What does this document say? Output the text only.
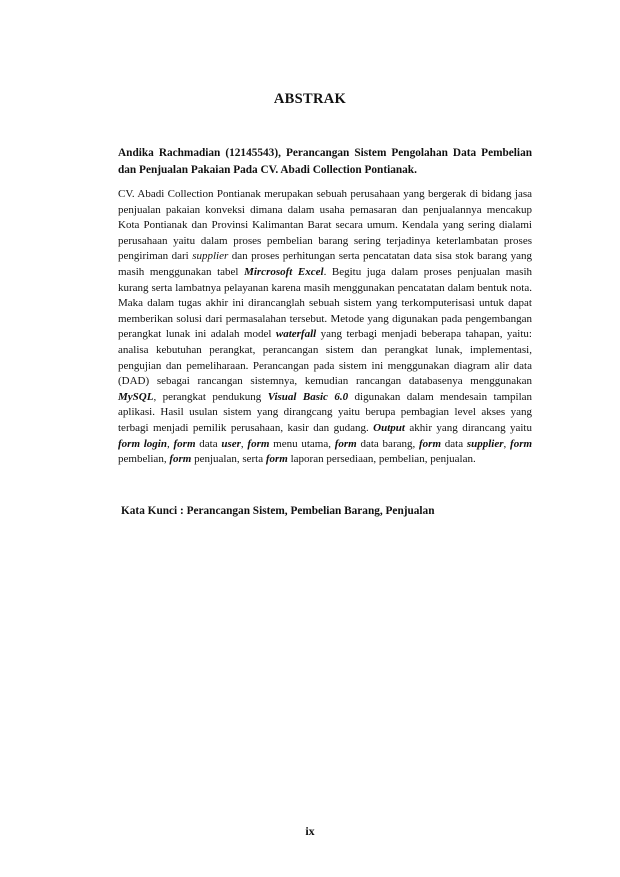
ABSTRAK
Andika Rachmadian (12145543), Perancangan Sistem Pengolahan Data Pembelian dan Penjualan Pakaian Pada CV. Abadi Collection Pontianak.

CV. Abadi Collection Pontianak merupakan sebuah perusahaan yang bergerak di bidang jasa penjualan pakaian konveksi dimana dalam usaha pemasaran dan penjualannya mencakup Kota Pontianak dan Provinsi Kalimantan Barat secara umum. Kendala yang sering dialami perusahaan yaitu dalam proses pembelian barang sering terjadinya keterlambatan proses pengiriman dari supplier dan proses perhitungan serta pencatatan data sisa stok barang yang masih menggunakan tabel Mircrosoft Excel. Begitu juga dalam proses penjualan masih kurang serta lambatnya pelayanan karena masih menggunakan pencatatan dalam bentuk nota. Maka dalam tugas akhir ini dirancanglah sebuah sistem yang terkomputerisasi untuk dapat memberikan solusi dari permasalahan tersebut. Metode yang digunakan pada pengembangan perangkat lunak ini adalah model waterfall yang terbagi menjadi beberapa tahapan, yaitu: analisa kebutuhan perangkat, perancangan sistem dan perangkat lunak, implementasi, pengujian dan pemeliharaan. Perancangan pada sistem ini menggunakan diagram alir data (DAD) sebagai rancangan sistemnya, kemudian rancangan databasenya menggunakan MySQL, perangkat pendukung Visual Basic 6.0 digunakan dalam mendesain tampilan aplikasi. Hasil usulan sistem yang dirangcang yaitu berupa pembagian level akses yang terbagi menjadi pemilik perusahaan, kasir dan gudang. Output akhir yang dirancang yaitu form login, form data user, form menu utama, form data barang, form data supplier, form pembelian, form penjualan, serta form laporan persediaan, pembelian, penjualan.

Kata Kunci : Perancangan Sistem, Pembelian Barang, Penjualan
ix
